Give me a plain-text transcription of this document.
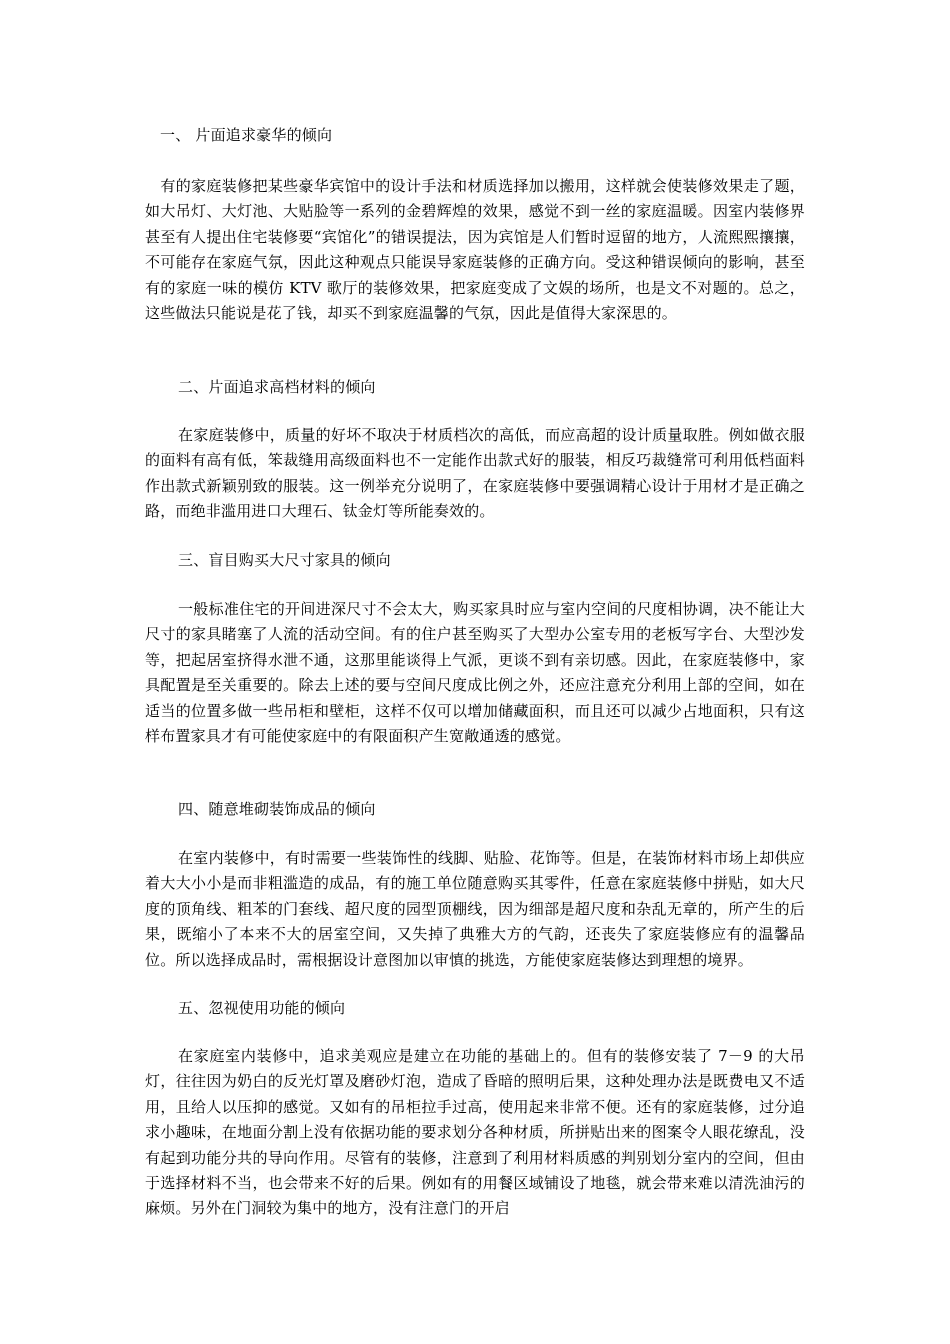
一、 片面追求豪华的倾向

　有的家庭装修把某些豪华宾馆中的设计手法和材质选择加以搬用，这样就会使装修效果走了题，如大吊灯、大灯池、大贴脸等一系列的金碧辉煌的效果，感觉不到一丝的家庭温暖。因室内装修界甚至有人提出住宅装修要“宾馆化”的错误提法，因为宾馆是人们暂时逗留的地方，人流熙熙攘攘，不可能存在家庭气氛，因此这种观点只能误导家庭装修的正确方向。受这种错误倾向的影响，甚至有的家庭一味的模仿 KTV 歌厅的装修效果，把家庭变成了文娱的场所，也是文不对题的。总之，这些做法只能说是花了钱，却买不到家庭温馨的气氛，因此是值得大家深思的。

二、片面追求高档材料的倾向

在家庭装修中，质量的好坏不取决于材质档次的高低，而应高超的设计质量取胜。例如做衣服的面料有高有低，笨裁缝用高级面料也不一定能作出款式好的服装，相反巧裁缝常可利用低档面料作出款式新颖别致的服装。这一例举充分说明了，在家庭装修中要强调精心设计于用材才是正确之路，而绝非滥用进口大理石、钛金灯等所能奏效的。

三、盲目购买大尺寸家具的倾向

一般标准住宅的开间进深尺寸不会太大，购买家具时应与室内空间的尺度相协调，决不能让大尺寸的家具睹塞了人流的活动空间。有的住户甚至购买了大型办公室专用的老板写字台、大型沙发等，把起居室挤得水泄不通，这那里能谈得上气派，更谈不到有亲切感。因此，在家庭装修中，家具配置是至关重要的。除去上述的要与空间尺度成比例之外，还应注意充分利用上部的空间，如在适当的位置多做一些吊柜和壁柜，这样不仅可以增加储藏面积，而且还可以减少占地面积，只有这样布置家具才有可能使家庭中的有限面积产生宽敞通透的感觉。

四、随意堆砌装饰成品的倾向

在室内装修中，有时需要一些装饰性的线脚、贴脸、花饰等。但是，在装饰材料市场上却供应着大大小小是而非粗滥造的成品，有的施工单位随意购买其零件，任意在家庭装修中拼贴，如大尺度的顶角线、粗苯的门套线、超尺度的园型顶棚线，因为细部是超尺度和杂乱无章的，所产生的后果，既缩小了本来不大的居室空间，又失掉了典雅大方的气韵，还丧失了家庭装修应有的温馨品位。所以选择成品时，需根据设计意图加以审慎的挑选，方能使家庭装修达到理想的境界。

五、忽视使用功能的倾向

在家庭室内装修中，追求美观应是建立在功能的基础上的。但有的装修安装了 7－9 的大吊灯，往往因为奶白的反光灯罩及磨砂灯泡，造成了昏暗的照明后果，这种处理办法是既费电又不适用，且给人以压抑的感觉。又如有的吊柜拉手过高，使用起来非常不便。还有的家庭装修，过分追求小趣味，在地面分割上没有依据功能的要求划分各种材质，所拼贴出来的图案令人眼花缭乱，没有起到功能分共的导向作用。尽管有的装修，注意到了利用材料质感的判别划分室内的空间，但由于选择材料不当，也会带来不好的后果。例如有的用餐区域铺设了地毯，就会带来难以清洗油污的麻烦。另外在门洞较为集中的地方，没有注意门的开启
